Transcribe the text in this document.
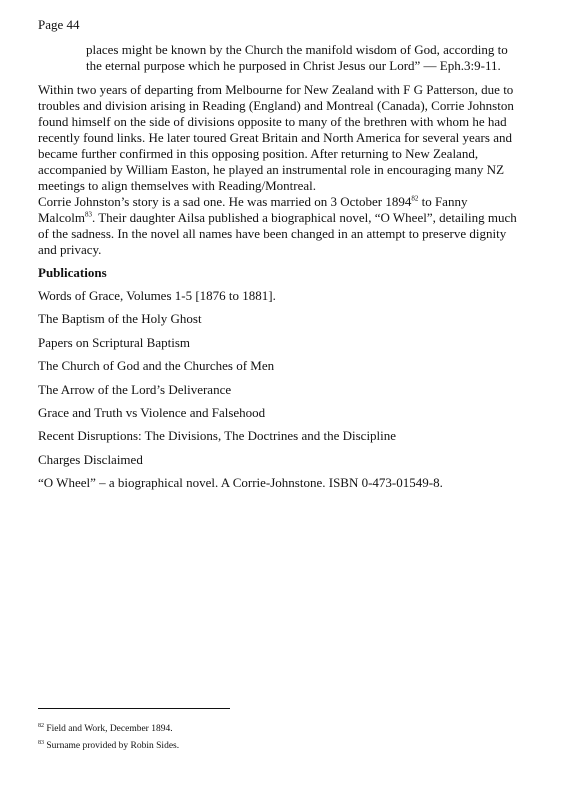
Page 44
places might be known by the Church the manifold wisdom of God, according to the eternal purpose which he purposed in Christ Jesus our Lord” — Eph.3:9-11.
Within two years of departing from Melbourne for New Zealand with F G Patterson, due to troubles and division arising in Reading (England) and Montreal (Canada), Corrie Johnston found himself on the side of divisions opposite to many of the brethren with whom he had recently found links. He later toured Great Britain and North America for several years and became further confirmed in this opposing position. After returning to New Zealand, accompanied by William Easton, he played an instrumental role in encouraging many NZ meetings to align themselves with Reading/Montreal.
Corrie Johnston’s story is a sad one. He was married on 3 October 1894$^{82}$ to Fanny Malcolm$^{83}$. Their daughter Ailsa published a biographical novel, “O Wheel”, detailing much of the sadness. In the novel all names have been changed in an attempt to preserve dignity and privacy.
Publications
Words of Grace, Volumes 1-5 [1876 to 1881].
The Baptism of the Holy Ghost
Papers on Scriptural Baptism
The Church of God and the Churches of Men
The Arrow of the Lord’s Deliverance
Grace and Truth vs Violence and Falsehood
Recent Disruptions: The Divisions, The Doctrines and the Discipline
Charges Disclaimed
“O Wheel” – a biographical novel. A Corrie-Johnstone. ISBN 0-473-01549-8.
$^{82}$ Field and Work, December 1894.
$^{83}$ Surname provided by Robin Sides.
